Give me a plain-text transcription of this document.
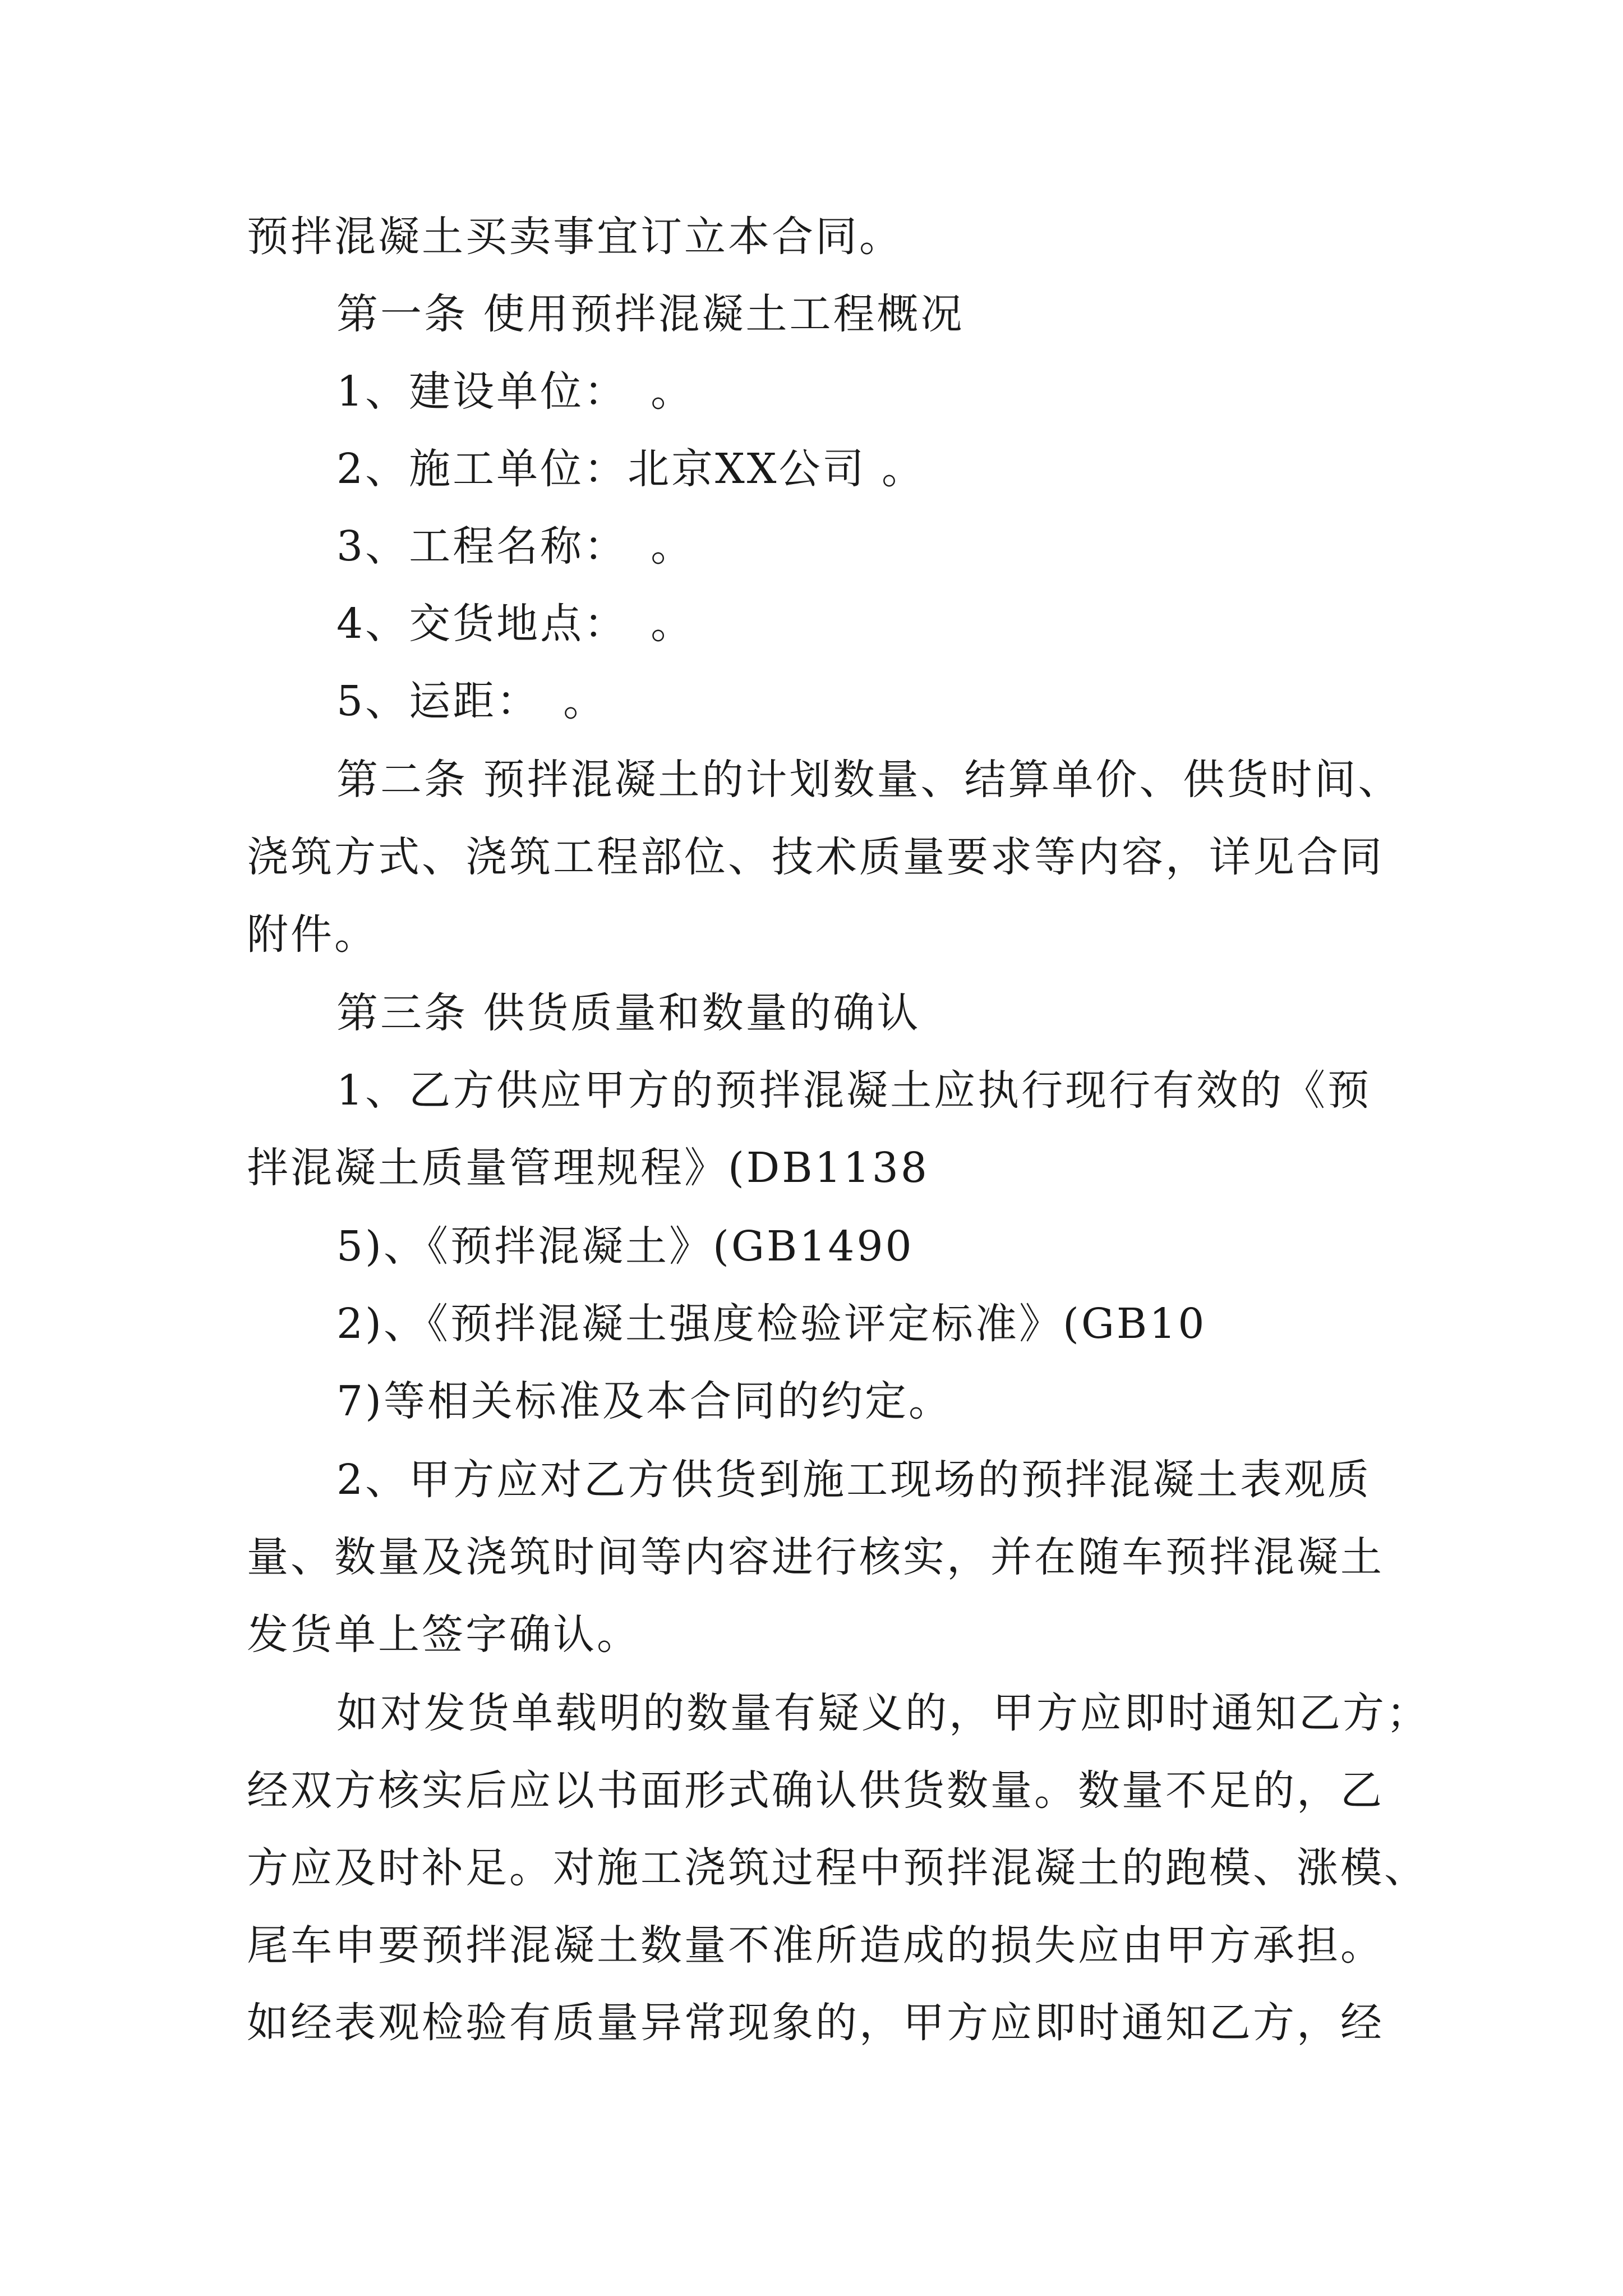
预拌混凝土买卖事宜订立本合同。
第一条 使用预拌混凝土工程概况
1、建设单位：　。
2、施工单位：北京XX公司 。
3、工程名称：　。
4、交货地点：　。
5、运距：　。
第二条 预拌混凝土的计划数量、结算单价、供货时间、
浇筑方式、浇筑工程部位、技术质量要求等内容，详见合同
附件。
第三条 供货质量和数量的确认
1、乙方供应甲方的预拌混凝土应执行现行有效的《预
拌混凝土质量管理规程》(DB1138
5)、《预拌混凝土》(GB1490
2)、《预拌混凝土强度检验评定标准》(GB10
7)等相关标准及本合同的约定。
2、甲方应对乙方供货到施工现场的预拌混凝土表观质
量、数量及浇筑时间等内容进行核实，并在随车预拌混凝土
发货单上签字确认。
如对发货单载明的数量有疑义的，甲方应即时通知乙方；
经双方核实后应以书面形式确认供货数量。数量不足的，乙
方应及时补足。对施工浇筑过程中预拌混凝土的跑模、涨模、
尾车申要预拌混凝土数量不准所造成的损失应由甲方承担。
如经表观检验有质量异常现象的，甲方应即时通知乙方，经
